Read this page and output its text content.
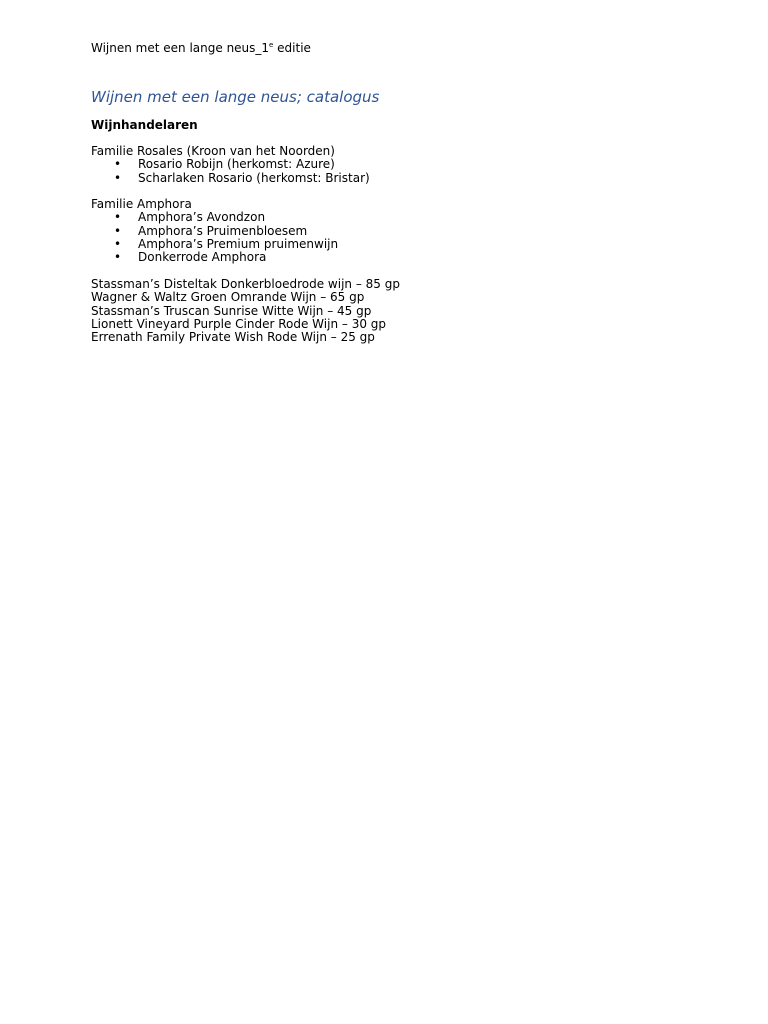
Wijnen met een lange neus_1e editie
Wijnen met een lange neus; catalogus
Wijnhandelaren
Familie Rosales (Kroon van het Noorden)
• Rosario Robijn (herkomst: Azure)
• Scharlaken Rosario (herkomst: Bristar)
Familie Amphora
• Amphora’s Avondzon
• Amphora’s Pruimenbloesem
• Amphora’s Premium pruimenwijn
• Donkerrode Amphora
Stassman’s Disteltak Donkerbloedrode wijn – 85 gp
Wagner & Waltz Groen Omrande Wijn – 65 gp
Stassman’s Truscan Sunrise Witte Wijn – 45 gp
Lionett Vineyard Purple Cinder Rode Wijn – 30 gp
Errenath Family Private Wish Rode Wijn – 25 gp
